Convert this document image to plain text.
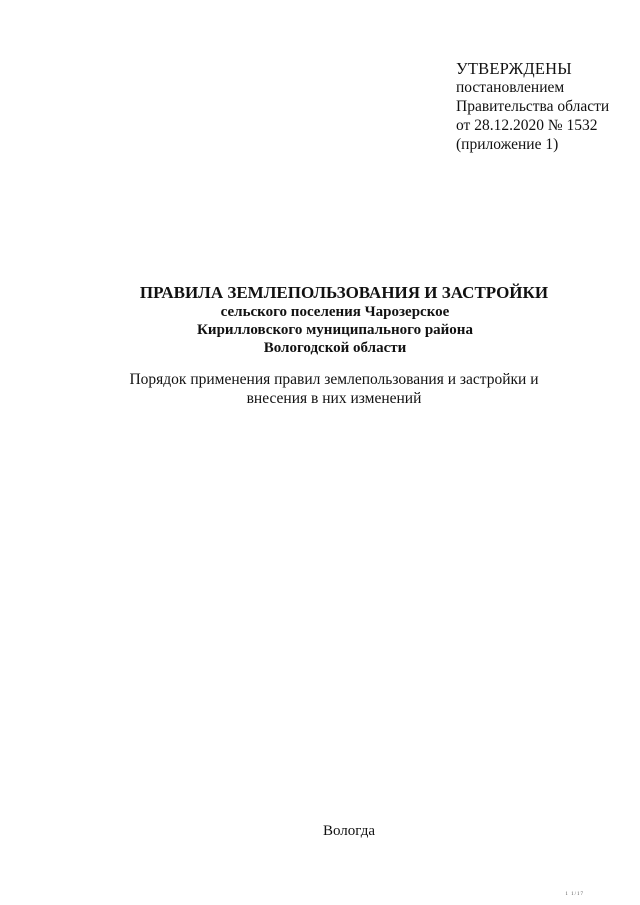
УТВЕРЖДЕНЫ
постановлением
Правительства области
от 28.12.2020 № 1532
(приложение 1)
ПРАВИЛА ЗЕМЛЕПОЛЬЗОВАНИЯ И ЗАСТРОЙКИ
сельского поселения Чарозерское
Кирилловского муниципального района
Вологодской области
Порядок применения правил землепользования и застройки и
внесения в них изменений
Вологда
1 1/17
